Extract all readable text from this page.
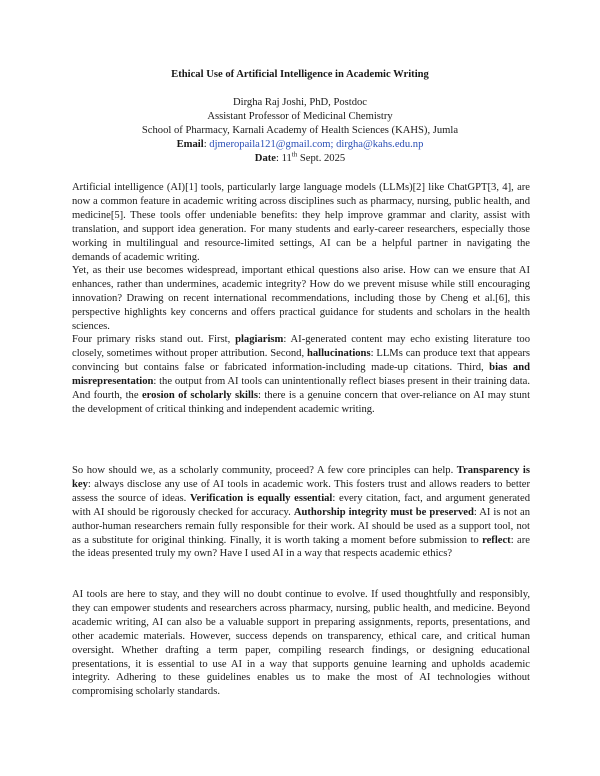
Ethical Use of Artificial Intelligence in Academic Writing
Dirgha Raj Joshi, PhD, Postdoc
Assistant Professor of Medicinal Chemistry
School of Pharmacy, Karnali Academy of Health Sciences (KAHS), Jumla
Email: djmeropaila121@gmail.com; dirgha@kahs.edu.np
Date: 11th Sept. 2025

Artificial intelligence (AI)[1] tools, particularly large language models (LLMs)[2] like ChatGPT[3, 4], are now a common feature in academic writing across disciplines such as pharmacy, nursing, public health, and medicine[5]. These tools offer undeniable benefits: they help improve grammar and clarity, assist with translation, and support idea generation. For many students and early-career researchers, especially those working in multilingual and resource-limited settings, AI can be a helpful partner in navigating the demands of academic writing.

Yet, as their use becomes widespread, important ethical questions also arise. How can we ensure that AI enhances, rather than undermines, academic integrity? How do we prevent misuse while still encouraging innovation? Drawing on recent international recommendations, including those by Cheng et al.[6], this perspective highlights key concerns and offers practical guidance for students and scholars in the health sciences.

Four primary risks stand out. First, plagiarism: AI-generated content may echo existing literature too closely, sometimes without proper attribution. Second, hallucinations: LLMs can produce text that appears convincing but contains false or fabricated information-including made-up citations. Third, bias and misrepresentation: the output from AI tools can unintentionally reflect biases present in their training data. And fourth, the erosion of scholarly skills: there is a genuine concern that over-reliance on AI may stunt the development of critical thinking and independent academic writing.

So how should we, as a scholarly community, proceed? A few core principles can help. Transparency is key: always disclose any use of AI tools in academic work. This fosters trust and allows readers to better assess the source of ideas. Verification is equally essential: every citation, fact, and argument generated with AI should be rigorously checked for accuracy. Authorship integrity must be preserved: AI is not an author-human researchers remain fully responsible for their work. AI should be used as a support tool, not as a substitute for original thinking. Finally, it is worth taking a moment before submission to reflect: are the ideas presented truly my own? Have I used AI in a way that respects academic ethics?

AI tools are here to stay, and they will no doubt continue to evolve. If used thoughtfully and responsibly, they can empower students and researchers across pharmacy, nursing, public health, and medicine. Beyond academic writing, AI can also be a valuable support in preparing assignments, reports, presentations, and other academic materials. However, success depends on transparency, ethical care, and critical human oversight. Whether drafting a term paper, compiling research findings, or designing educational presentations, it is essential to use AI in a way that supports genuine learning and upholds academic integrity. Adhering to these guidelines enables us to make the most of AI technologies without compromising scholarly standards.
